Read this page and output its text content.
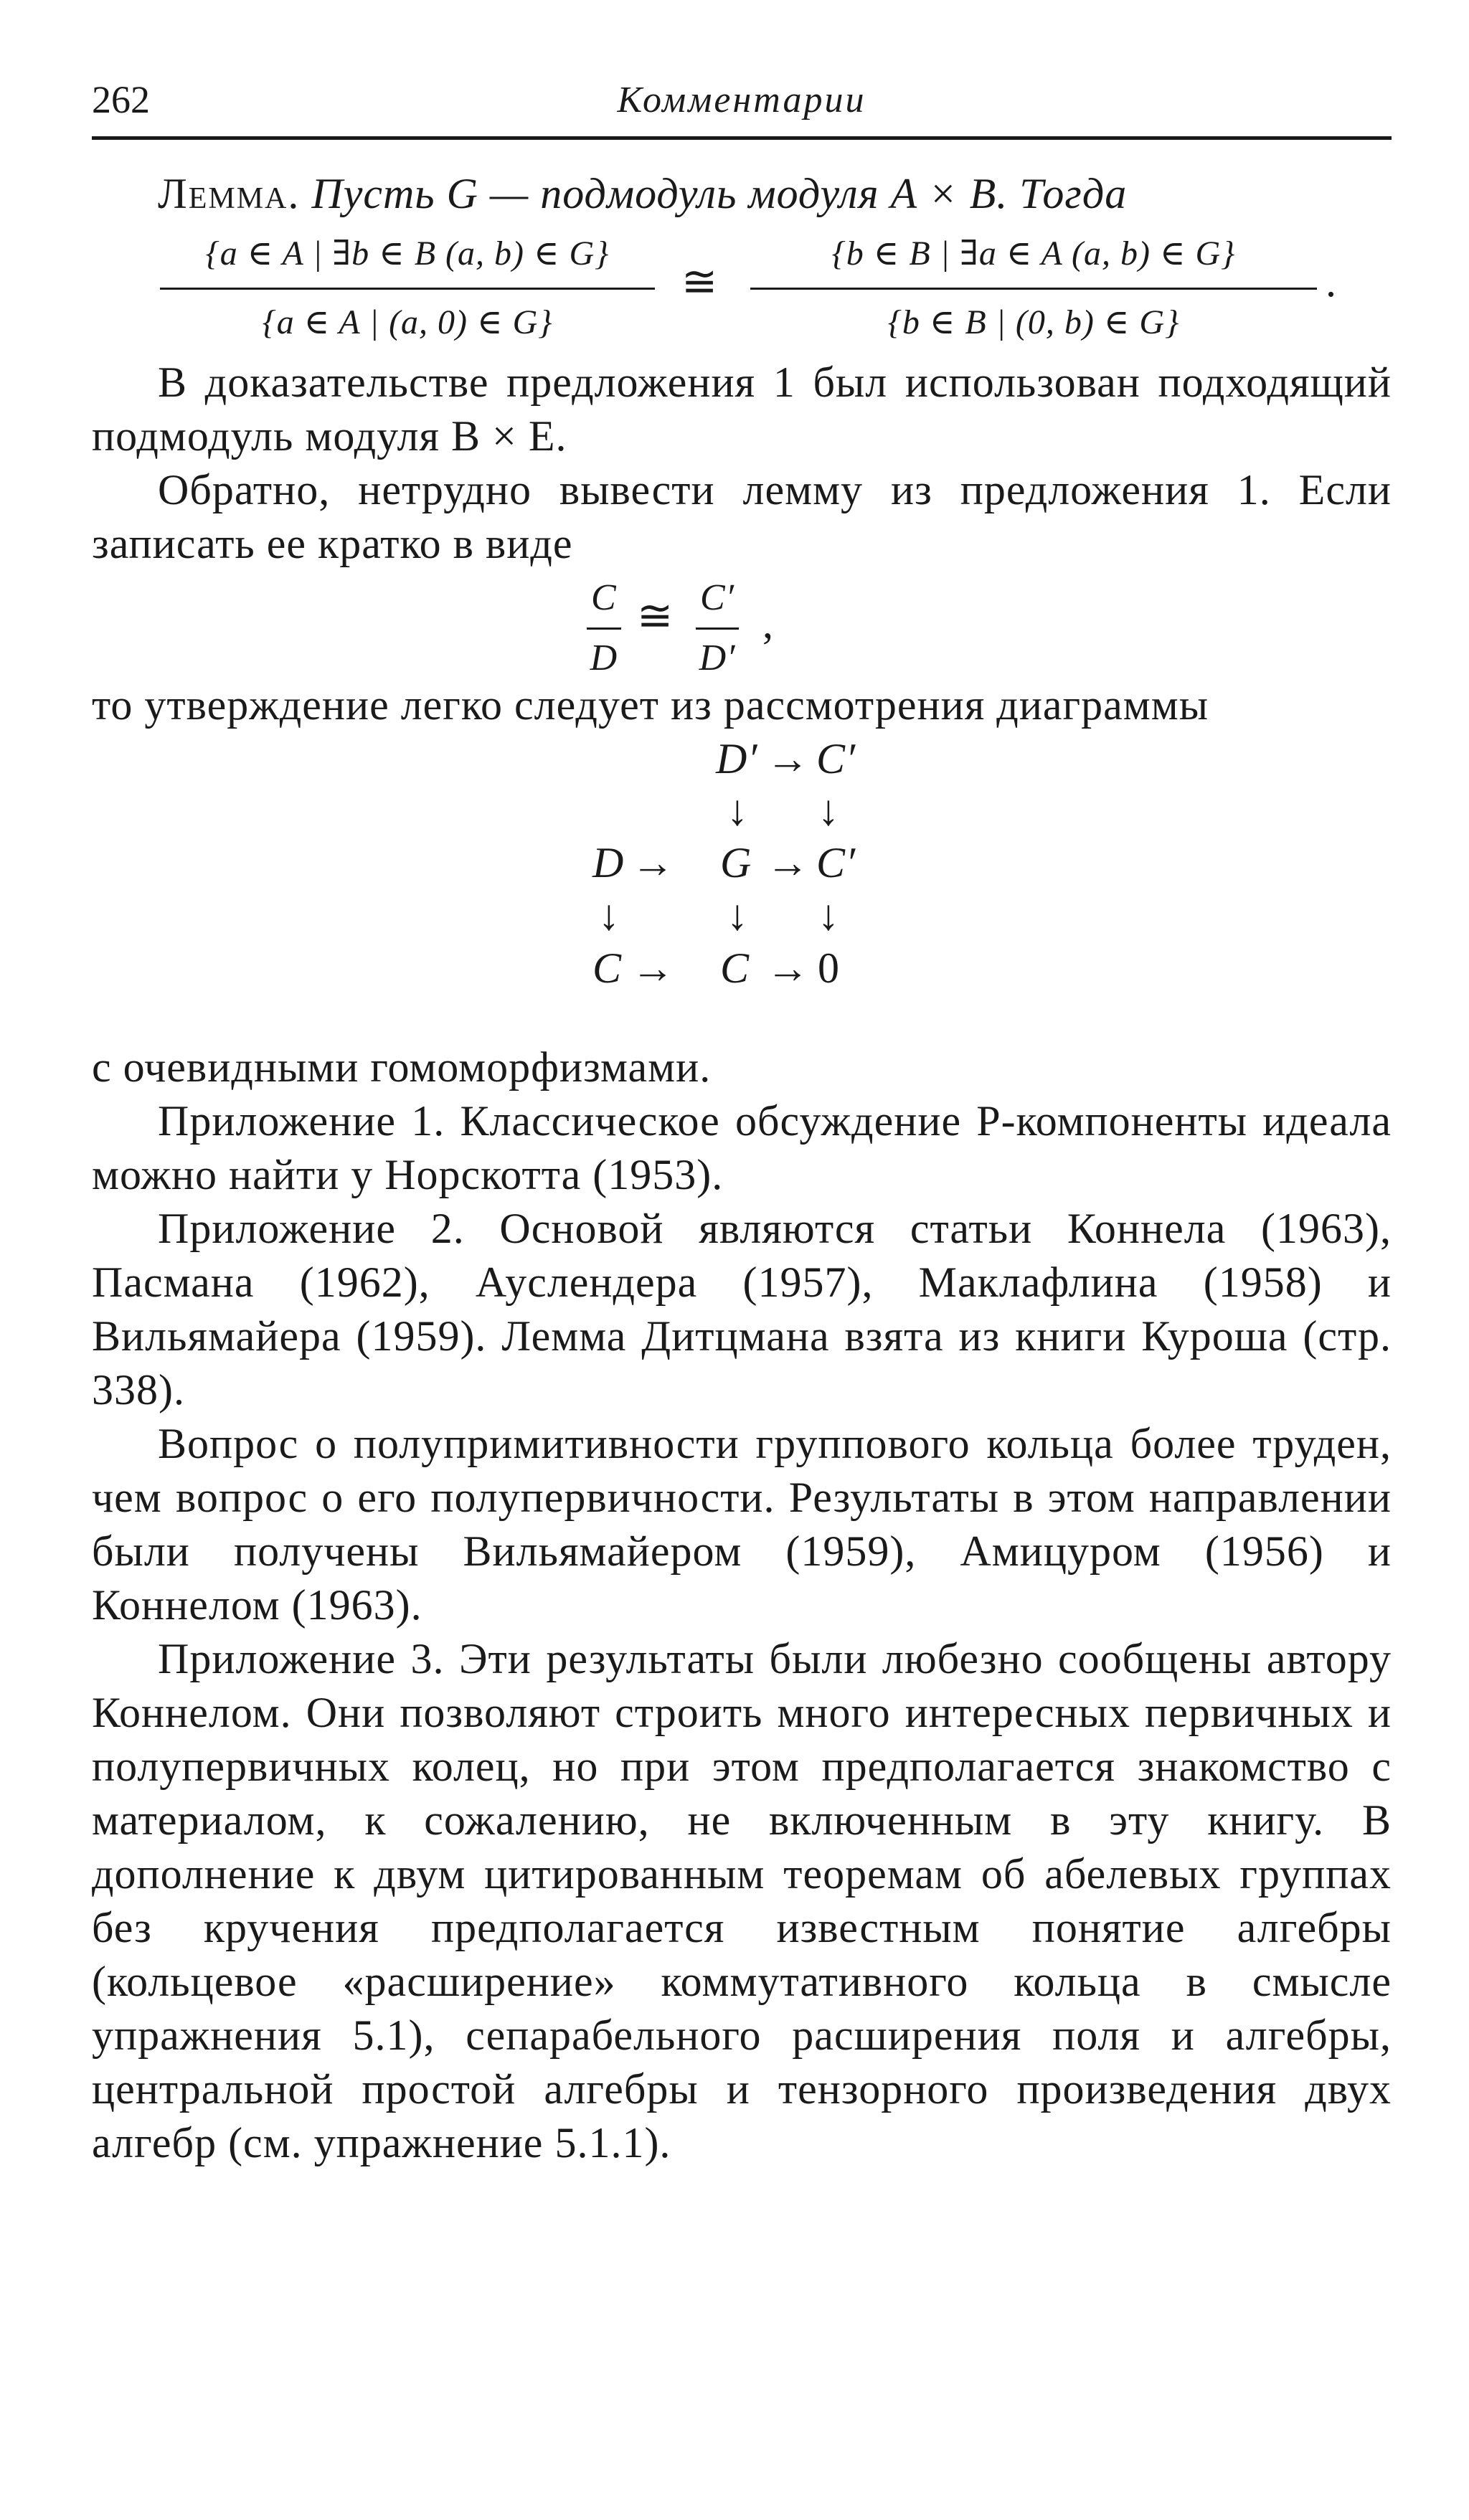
262	Комментарии

Лемма. Пусть G — подмодуль модуля A × B. Тогда

$\frac{\{a \in A | \exists b \in B (a, b) \in G\}}{\{a \in A | (a, 0) \in G\}}$ ≅ $\frac{\{b \in B | \exists a \in A (a, b) \in G\}}{\{b \in B | (0, b) \in G\}}$ .

В доказательстве предложения 1 был использован подходящий подмодуль модуля B × E.

Обратно, нетрудно вывести лемму из предложения 1. Если записать ее кратко в виде

$\frac{C}{D}$ ≅ $\frac{C'}{D'}$ ,

то утверждение легко следует из рассмотрения диаграммы

D′ → C′
↓ ↓
D → G → C′
↓ ↓ ↓
C → C → 0

с очевидными гомоморфизмами.

Приложение 1. Классическое обсуждение P-компоненты идеала можно найти у Норскотта (1953).

Приложение 2. Основой являются статьи Коннела (1963), Пасмана (1962), Ауслендера (1957), Маклафлина (1958) и Вильямайера (1959). Лемма Дитцмана взята из книги Куроша (стр. 338).

Вопрос о полупримитивности группового кольца более труден, чем вопрос о его полупервичности. Результаты в этом направлении были получены Вильямайером (1959), Амицуром (1956) и Коннелом (1963).

Приложение 3. Эти результаты были любезно сообщены автору Коннелом. Они позволяют строить много интересных первичных и полупервичных колец, но при этом предполагается знакомство с материалом, к сожалению, не включенным в эту книгу. В дополнение к двум цитированным теоремам об абелевых группах без кручения предполагается известным понятие алгебры (кольцевое «расширение» коммутативного кольца в смысле упражнения 5.1), сепарабельного расширения поля и алгебры, центральной простой алгебры и тензорного произведения двух алгебр (см. упражнение 5.1.1).
